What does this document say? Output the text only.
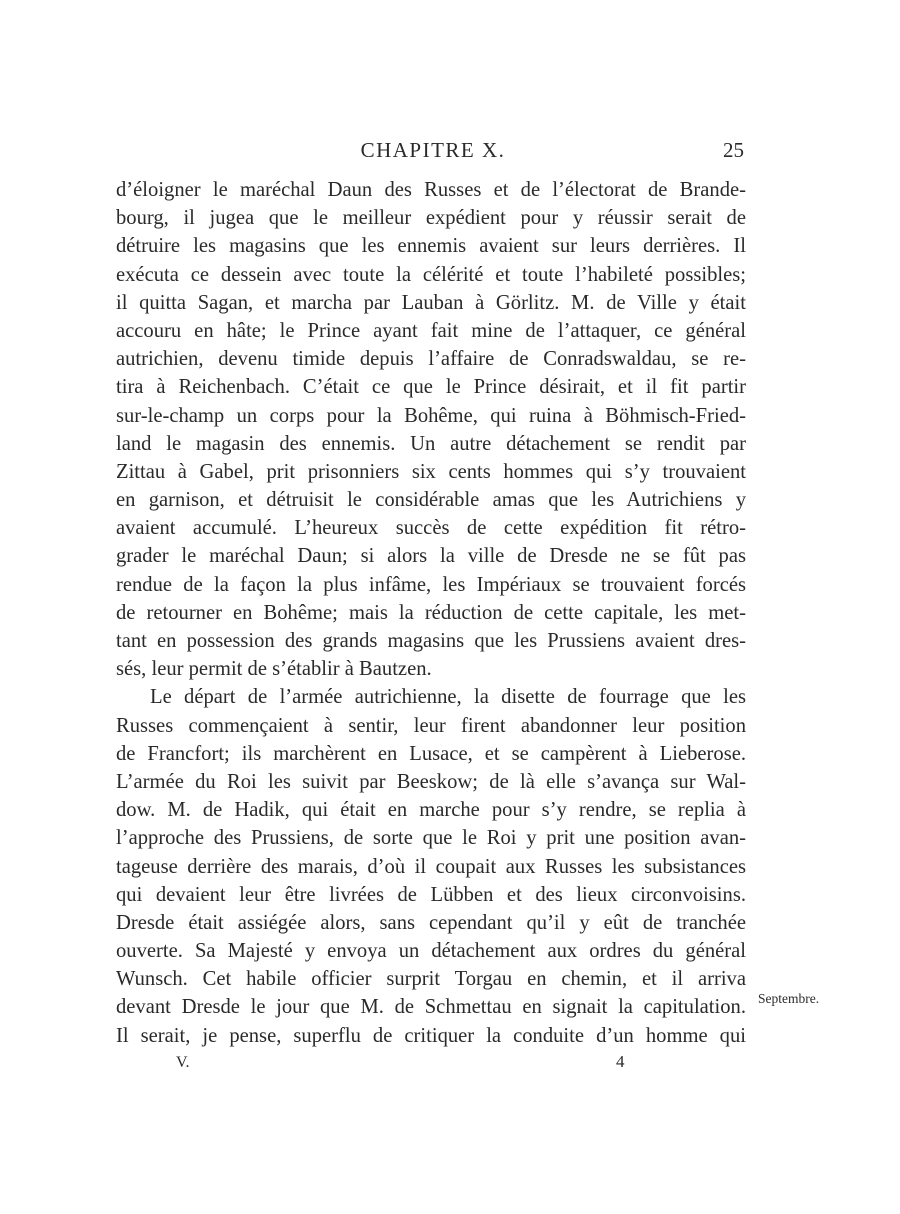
CHAPITRE X.	25
d’éloigner le maréchal Daun des Russes et de l’électorat de Brande-
bourg, il jugea que le meilleur expédient pour y réussir serait de
détruire les magasins que les ennemis avaient sur leurs derrières. Il
exécuta ce dessein avec toute la célérité et toute l’habileté possibles;
il quitta Sagan, et marcha par Lauban à Görlitz. M. de Ville y était
accouru en hâte; le Prince ayant fait mine de l’attaquer, ce général
autrichien, devenu timide depuis l’affaire de Conradswaldau, se re-
tira à Reichenbach. C’était ce que le Prince désirait, et il fit partir
sur-le-champ un corps pour la Bohême, qui ruina à Böhmisch-Fried-
land le magasin des ennemis. Un autre détachement se rendit par
Zittau à Gabel, prit prisonniers six cents hommes qui s’y trouvaient
en garnison, et détruisit le considérable amas que les Autrichiens y
avaient accumulé. L’heureux succès de cette expédition fit rétro-
grader le maréchal Daun; si alors la ville de Dresde ne se fût pas
rendue de la façon la plus infâme, les Impériaux se trouvaient forcés
de retourner en Bohême; mais la réduction de cette capitale, les met-
tant en possession des grands magasins que les Prussiens avaient dres-
sés, leur permit de s’établir à Bautzen.
Le départ de l’armée autrichienne, la disette de fourrage que les
Russes commençaient à sentir, leur firent abandonner leur position
de Francfort; ils marchèrent en Lusace, et se campèrent à Lieberose.
L’armée du Roi les suivit par Beeskow; de là elle s’avança sur Wal-
dow. M. de Hadik, qui était en marche pour s’y rendre, se replia à
l’approche des Prussiens, de sorte que le Roi y prit une position avan-
tageuse derrière des marais, d’où il coupait aux Russes les subsistances
qui devaient leur être livrées de Lübben et des lieux circonvoisins.
Dresde était assiégée alors, sans cependant qu’il y eût de tranchée
ouverte. Sa Majesté y envoya un détachement aux ordres du général
Wunsch. Cet habile officier surprit Torgau en chemin, et il arriva
devant Dresde le jour que M. de Schmettau en signait la capitulation.
Il serait, je pense, superflu de critiquer la conduite d’un homme qui
Septembre.
V.	4
